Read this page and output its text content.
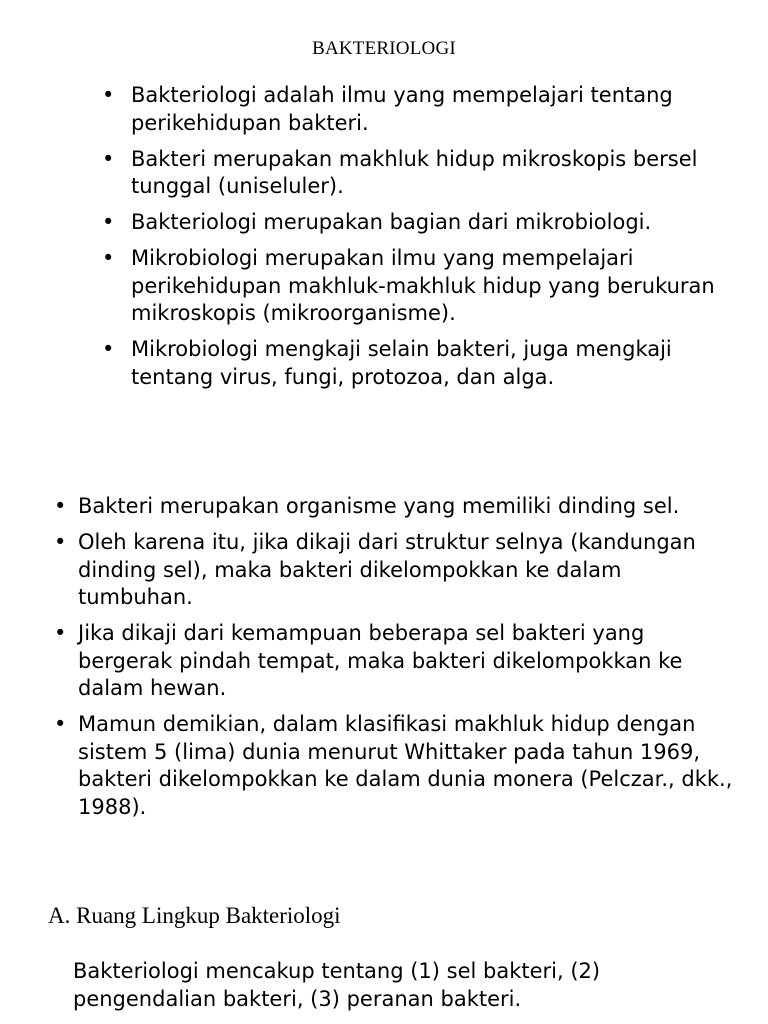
BAKTERIOLOGI
• Bakteriologi adalah ilmu yang mempelajari tentang perikehidupan bakteri.
• Bakteri merupakan makhluk hidup mikroskopis bersel tunggal (uniseluler).
• Bakteriologi merupakan bagian dari mikrobiologi.
• Mikrobiologi merupakan ilmu yang mempelajari perikehidupan makhluk-makhluk hidup yang berukuran mikroskopis (mikroorganisme).
• Mikrobiologi mengkaji selain bakteri, juga mengkaji tentang virus, fungi, protozoa, dan alga.
• Bakteri merupakan organisme yang memiliki dinding sel.
• Oleh karena itu, jika dikaji dari struktur selnya (kandungan dinding sel), maka bakteri dikelompokkan ke dalam tumbuhan.
• Jika dikaji dari kemampuan beberapa sel bakteri yang bergerak pindah tempat, maka bakteri dikelompokkan ke dalam hewan.
• Mamun demikian, dalam klasifikasi makhluk hidup dengan sistem 5 (lima) dunia menurut Whittaker pada tahun 1969, bakteri dikelompokkan ke dalam dunia monera (Pelczar., dkk., 1988).
A. Ruang Lingkup Bakteriologi
Bakteriologi mencakup tentang (1) sel bakteri, (2) pengendalian bakteri, (3) peranan bakteri.
